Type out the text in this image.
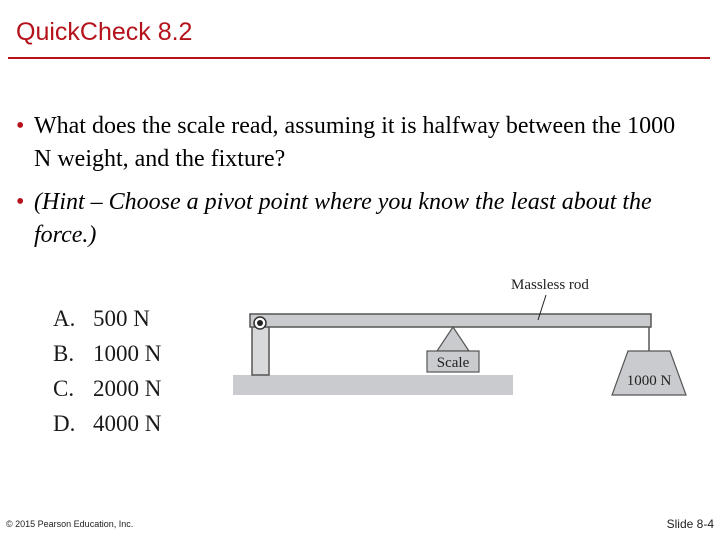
QuickCheck 8.2
• What does the scale read, assuming it is halfway between the 1000 N weight, and the fixture?
• (Hint – Choose a pivot point where you know the least about the force.)
A. 500 N
B. 1000 N
C. 2000 N
D. 4000 N
Scale
1000 N
Massless rod
© 2015 Pearson Education, Inc.	Slide 8-4
